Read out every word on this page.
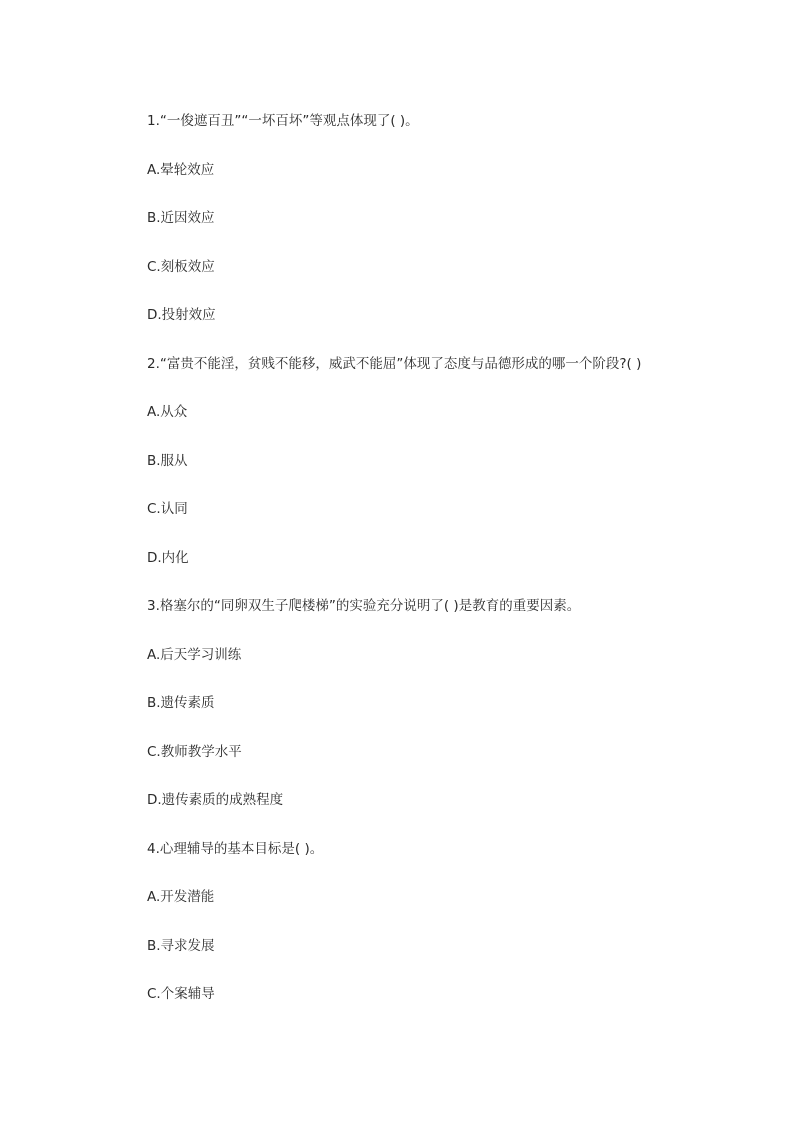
1.“一俊遮百丑”“一坏百坏”等观点体现了( )。
A.晕轮效应
B.近因效应
C.刻板效应
D.投射效应
2.“富贵不能淫，贫贱不能移，威武不能屈”体现了态度与品德形成的哪一个阶段?( )
A.从众
B.服从
C.认同
D.内化
3.格塞尔的“同卵双生子爬楼梯”的实验充分说明了( )是教育的重要因素。
A.后天学习训练
B.遗传素质
C.教师教学水平
D.遗传素质的成熟程度
4.心理辅导的基本目标是( )。
A.开发潜能
B.寻求发展
C.个案辅导
